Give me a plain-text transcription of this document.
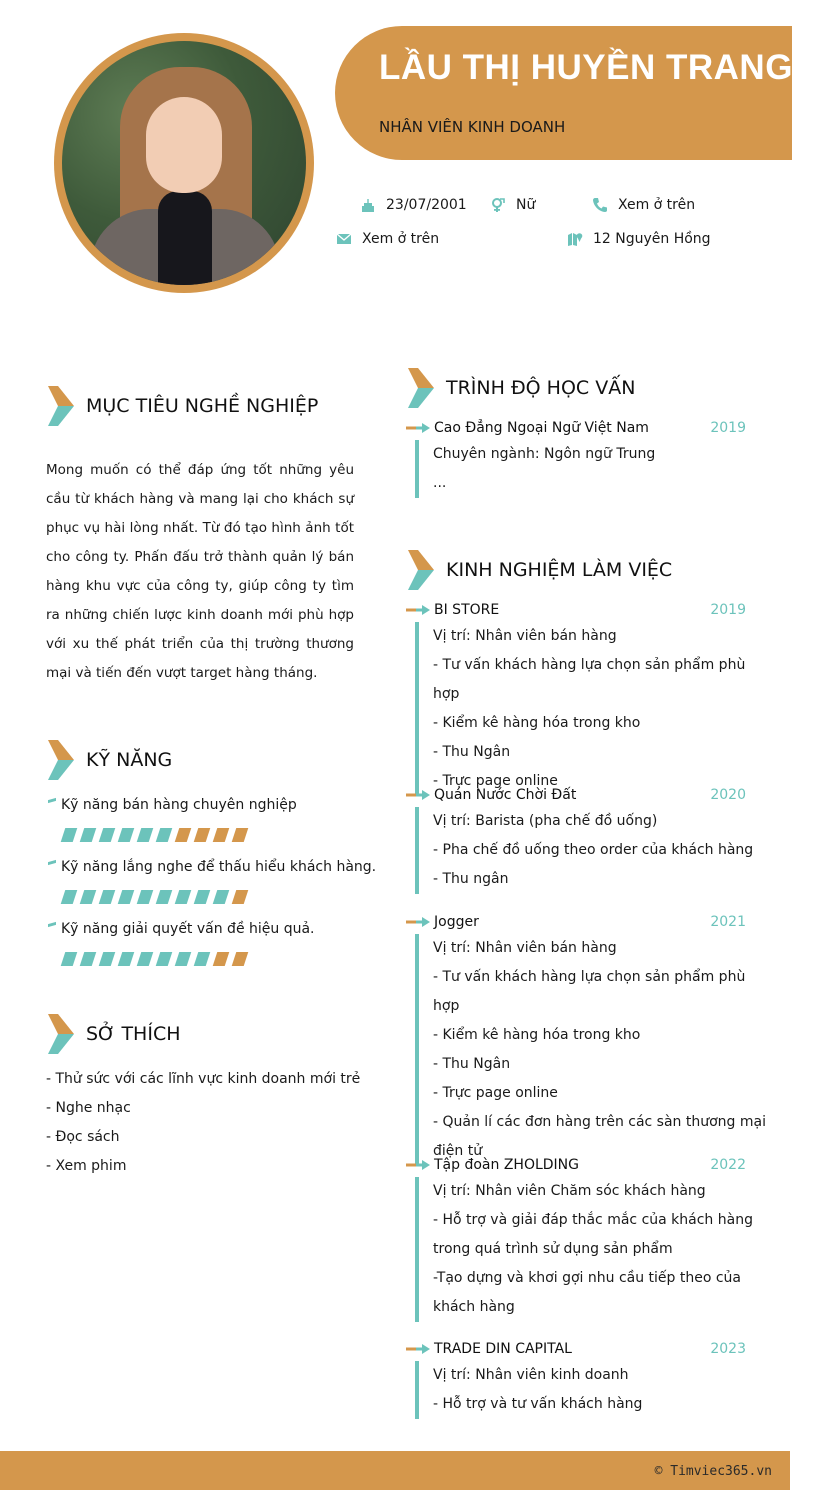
LẦU THỊ HUYỀN TRANG
NHÂN VIÊN KINH DOANH
23/07/2001	Nữ	Xem ở trên
Xem ở trên	12 Nguyên Hồng
MỤC TIÊU NGHỀ NGHIỆP
Mong muốn có thể đáp ứng tốt những yêu cầu từ khách hàng và mang lại cho khách sự phục vụ hài lòng nhất. Từ đó tạo hình ảnh tốt cho công ty. Phấn đấu trở thành quản lý bán hàng khu vực của công ty, giúp công ty tìm ra những chiến lược kinh doanh mới phù hợp với xu thế phát triển của thị trường thương mại và tiến đến vượt target hàng tháng.
KỸ NĂNG
Kỹ năng bán hàng chuyên nghiệp
Kỹ năng lắng nghe để thấu hiểu khách hàng.
Kỹ năng giải quyết vấn đề hiệu quả.
SỞ THÍCH
- Thử sức với các lĩnh vực kinh doanh mới trẻ
- Nghe nhạc
- Đọc sách
- Xem phim
TRÌNH ĐỘ HỌC VẤN
Cao Đẳng Ngoại Ngữ Việt Nam	2019
Chuyên ngành: Ngôn ngữ Trung
...
KINH NGHIỆM LÀM VIỆC
BI STORE	2019
Vị trí: Nhân viên bán hàng
- Tư vấn khách hàng lựa chọn sản phẩm phù hợp
- Kiểm kê hàng hóa trong kho
- Thu Ngân
- Trực page online
Quán Nước Chời Đất	2020
Vị trí: Barista (pha chế đồ uống)
- Pha chế đồ uống theo order của khách hàng
- Thu ngân
Jogger	2021
Vị trí: Nhân viên bán hàng
- Tư vấn khách hàng lựa chọn sản phẩm phù hợp
- Kiểm kê hàng hóa trong kho
- Thu Ngân
- Trực page online
- Quản lí các đơn hàng trên các sàn thương mại điện tử
Tập đoàn ZHOLDING	2022
Vị trí: Nhân viên Chăm sóc khách hàng
- Hỗ trợ và giải đáp thắc mắc của khách hàng trong quá trình sử dụng sản phẩm
-Tạo dựng và khơi gợi nhu cầu tiếp theo của khách hàng
TRADE DIN CAPITAL	2023
Vị trí: Nhân viên kinh doanh
- Hỗ trợ và tư vấn khách hàng
© Timviec365.vn
